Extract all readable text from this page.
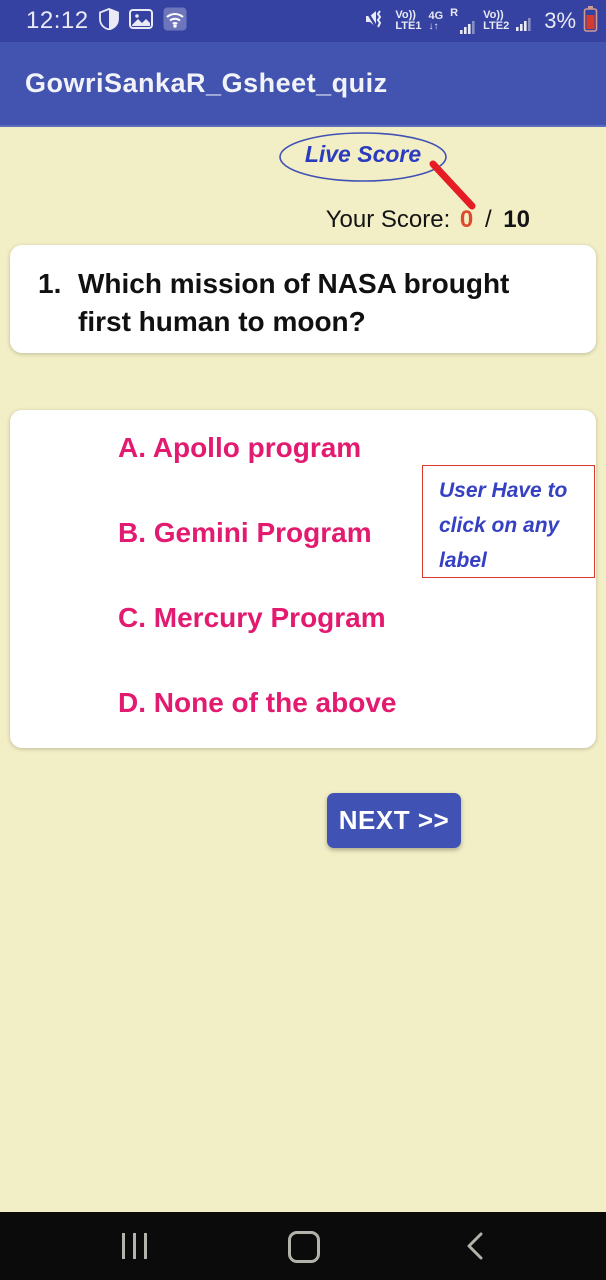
12:12	Vo))
LTE1
4G
↓↑
R Vo))
LTE2 3%
GowriSankaR_Gsheet_quiz
Live Score
Your Score: 0 / 10
1. Which mission of NASA brought
first human to moon?
A. Apollo program
B. Gemini Program
C. Mercury Program
D. None of the above
User Have to
click on any
label
NEXT >>
